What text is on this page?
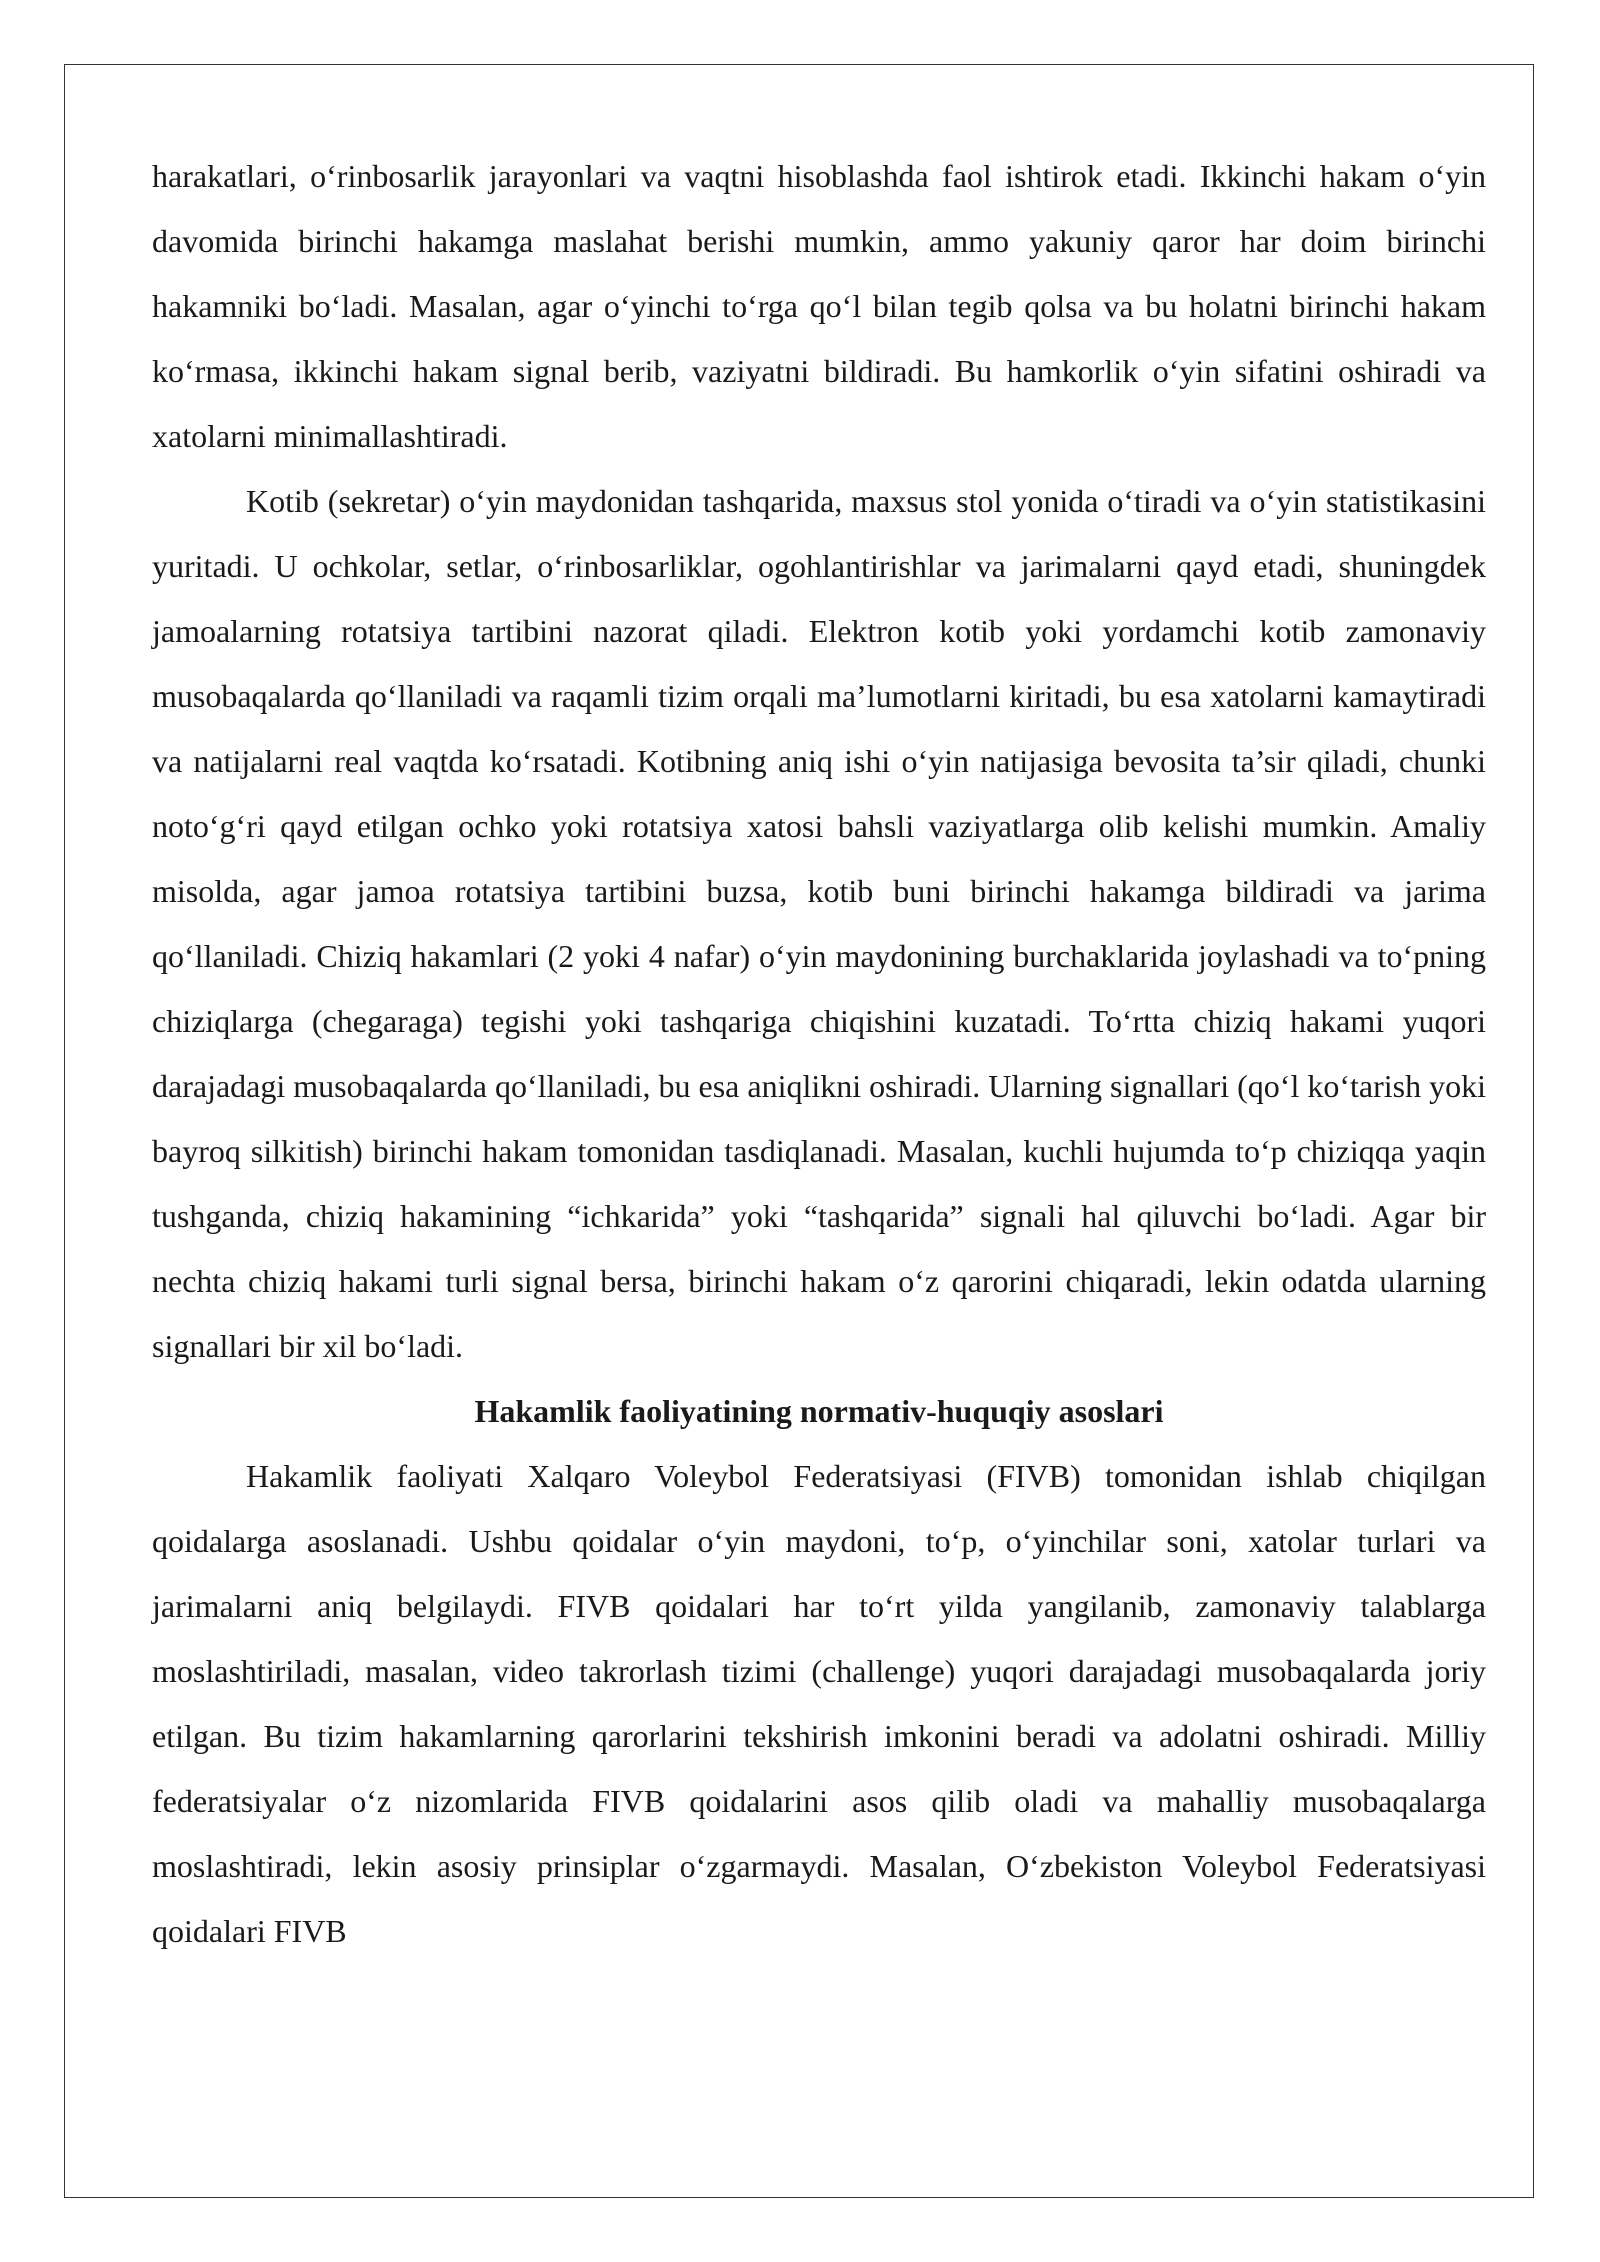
harakatlari, o‘rinbosarlik jarayonlari va vaqtni hisoblashda faol ishtirok etadi. Ikkinchi hakam o‘yin davomida birinchi hakamga maslahat berishi mumkin, ammo yakuniy qaror har doim birinchi hakamniki bo‘ladi. Masalan, agar o‘yinchi to‘rga qo‘l bilan tegib qolsa va bu holatni birinchi hakam ko‘rmasa, ikkinchi hakam signal berib, vaziyatni bildiradi. Bu hamkorlik o‘yin sifatini oshiradi va xatolarni minimallashtiradi.

Kotib (sekretar) o‘yin maydonidan tashqarida, maxsus stol yonida o‘tiradi va o‘yin statistikasini yuritadi. U ochkolar, setlar, o‘rinbosarliklar, ogohlantirishlar va jarimalarni qayd etadi, shuningdek jamoalarning rotatsiya tartibini nazorat qiladi. Elektron kotib yoki yordamchi kotib zamonaviy musobaqalarda qo‘llaniladi va raqamli tizim orqali ma’lumotlarni kiritadi, bu esa xatolarni kamaytiradi va natijalarni real vaqtda ko‘rsatadi. Kotibning aniq ishi o‘yin natijasiga bevosita ta’sir qiladi, chunki noto‘g‘ri qayd etilgan ochko yoki rotatsiya xatosi bahsli vaziyatlarga olib kelishi mumkin. Amaliy misolda, agar jamoa rotatsiya tartibini buzsa, kotib buni birinchi hakamga bildiradi va jarima qo‘llaniladi. Chiziq hakamlari (2 yoki 4 nafar) o‘yin maydonining burchaklarida joylashadi va to‘pning chiziqlarga (chegaraga) tegishi yoki tashqariga chiqishini kuzatadi. To‘rtta chiziq hakami yuqori darajadagi musobaqalarda qo‘llaniladi, bu esa aniqlikni oshiradi. Ularning signallari (qo‘l ko‘tarish yoki bayroq silkitish) birinchi hakam tomonidan tasdiqlanadi. Masalan, kuchli hujumda to‘p chiziqqa yaqin tushganda, chiziq hakamining “ichkarida” yoki “tashqarida” signali hal qiluvchi bo‘ladi. Agar bir nechta chiziq hakami turli signal bersa, birinchi hakam o‘z qarorini chiqaradi, lekin odatda ularning signallari bir xil bo‘ladi.

Hakamlik faoliyatining normativ-huquqiy asoslari

Hakamlik faoliyati Xalqaro Voleybol Federatsiyasi (FIVB) tomonidan ishlab chiqilgan qoidalarga asoslanadi. Ushbu qoidalar o‘yin maydoni, to‘p, o‘yinchilar soni, xatolar turlari va jarimalarni aniq belgilaydi. FIVB qoidalari har to‘rt yilda yangilanib, zamonaviy talablarga moslashtiriladi, masalan, video takrorlash tizimi (challenge) yuqori darajadagi musobaqalarda joriy etilgan. Bu tizim hakamlarning qarorlarini tekshirish imkonini beradi va adolatni oshiradi. Milliy federatsiyalar o‘z nizomlarida FIVB qoidalarini asos qilib oladi va mahalliy musobaqalarga moslashtiradi, lekin asosiy prinsiplar o‘zgarmaydi. Masalan, O‘zbekiston Voleybol Federatsiyasi qoidalari FIVB
